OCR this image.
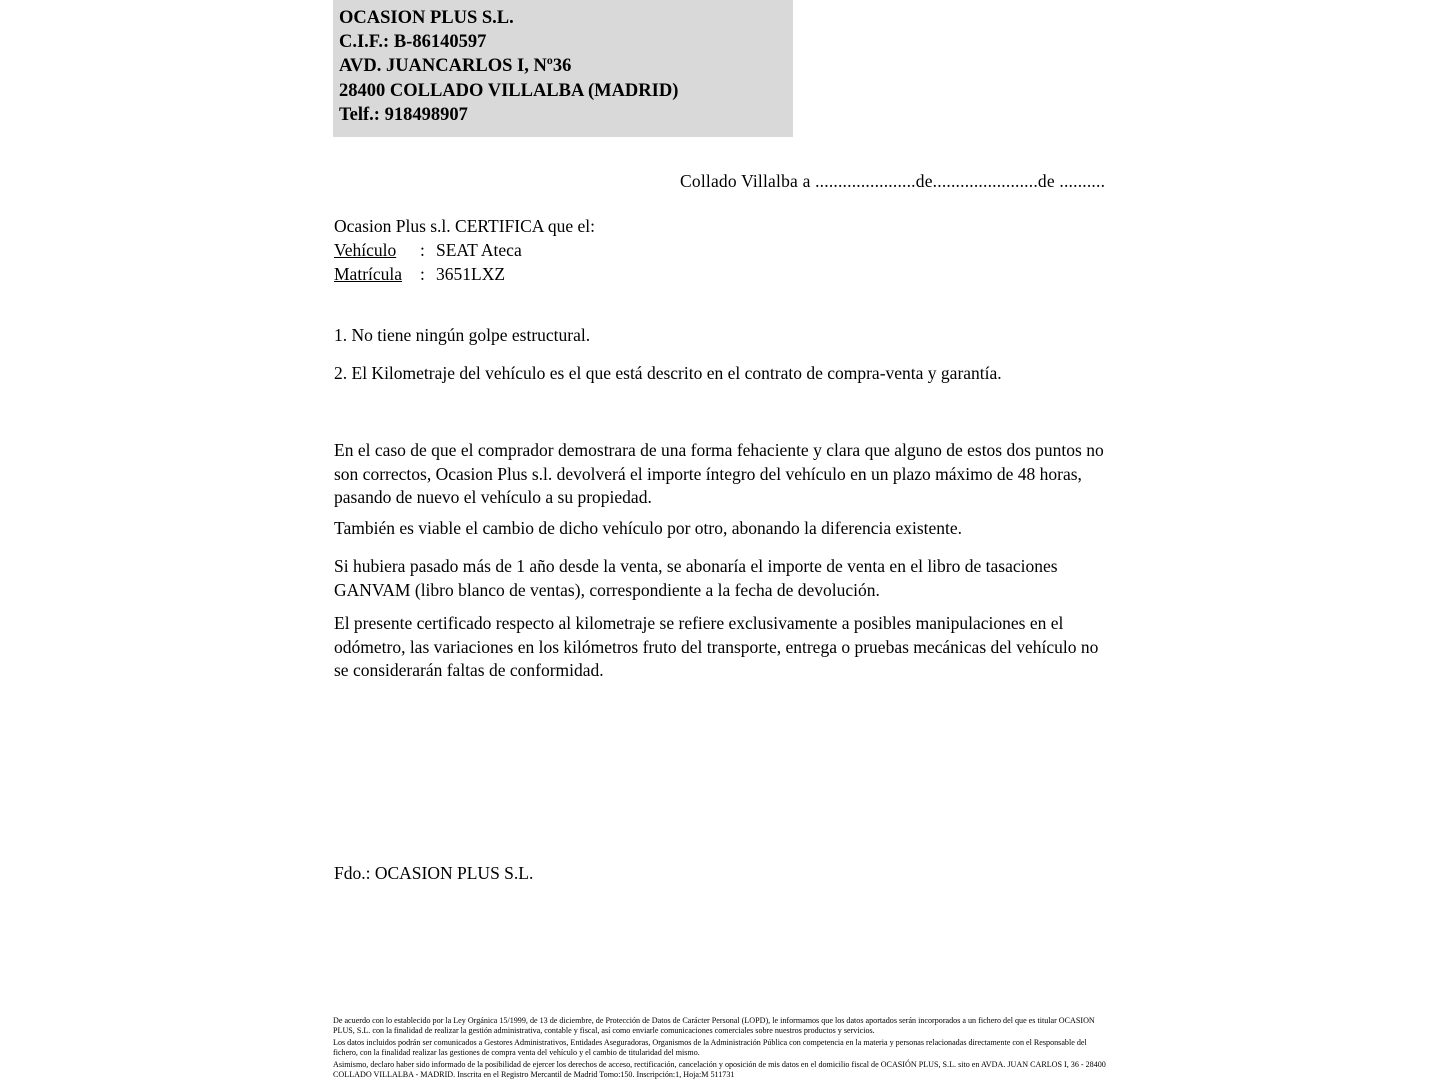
OCASION PLUS S.L.
C.I.F.: B-86140597
AVD. JUANCARLOS I, Nº36
28400 COLLADO VILLALBA (MADRID)
Telf.: 918498907
Collado Villalba a ......................de.......................de ..........
Ocasion Plus s.l. CERTIFICA que el:
Vehículo : SEAT Ateca
Matrícula : 3651LXZ
1. No tiene ningún golpe estructural.
2. El Kilometraje del vehículo es el que está descrito en el contrato de compra-venta y garantía.
En el caso de que el comprador demostrara de una forma fehaciente y clara que alguno de estos dos puntos no son correctos, Ocasion Plus s.l. devolverá el importe íntegro del vehículo en un plazo máximo de 48 horas, pasando de nuevo el vehículo a su propiedad.
También es viable el cambio de dicho vehículo por otro, abonando la diferencia existente.
Si hubiera pasado más de 1 año desde la venta, se abonaría el importe de venta en el libro de tasaciones GANVAM (libro blanco de ventas), correspondiente a la fecha de devolución.
El presente certificado respecto al kilometraje se refiere exclusivamente a posibles manipulaciones en el odómetro, las variaciones en los kilómetros fruto del transporte, entrega o pruebas mecánicas del vehículo no se considerarán faltas de conformidad.
Fdo.: OCASION PLUS S.L.

De acuerdo con lo establecido por la Ley Orgánica 15/1999, de 13 de diciembre, de Protección de Datos de Carácter Personal (LOPD), le informamos que los datos aportados serán incorporados a un fichero del que es titular OCASION PLUS, S.L. con la finalidad de realizar la gestión administrativa, contable y fiscal, así como enviarle comunicaciones comerciales sobre nuestros productos y servicios.

Los datos incluidos podrán ser comunicados a Gestores Administrativos, Entidades Aseguradoras, Organismos de la Administración Pública con competencia en la materia y personas relacionadas directamente con el Responsable del fichero, con la finalidad realizar las gestiones de compra venta del vehículo y el cambio de titularidad del mismo.

Asimismo, declaro haber sido informado de la posibilidad de ejercer los derechos de acceso, rectificación, cancelación y oposición de mis datos en el domicilio fiscal de OCASIÓN PLUS, S.L. sito en AVDA. JUAN CARLOS I, 36 - 28400 COLLADO VILLALBA - MADRID. Inscrita en el Registro Mercantil de Madrid Tomo:150. Inscripción:1, Hoja:M 511731
